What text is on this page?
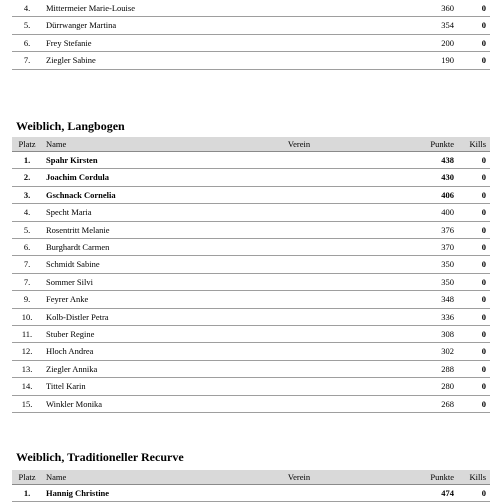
4.	Mittermeier Marie-Louise		360	0
5.	Dürrwanger Martina		354	0
6.	Frey Stefanie		200	0
7.	Ziegler Sabine		190	0
Weiblich, Langbogen
Platz	Name	Verein	Punkte	Kills
1.	Spahr Kirsten		438	0
2.	Joachim Cordula		430	0
3.	Gschnack Cornelia		406	0
4.	Specht Maria		400	0
5.	Rosentritt Melanie		376	0
6.	Burghardt Carmen		370	0
7.	Schmidt Sabine		350	0
7.	Sommer Silvi		350	0
9.	Feyrer Anke		348	0
10.	Kolb-Distler Petra		336	0
11.	Stuber Regine		308	0
12.	Hloch Andrea		302	0
13.	Ziegler Annika		288	0
14.	Tittel Karin		280	0
15.	Winkler Monika		268	0
Weiblich, Traditioneller Recurve
Platz	Name	Verein	Punkte	Kills
1.	Hannig Christine		474	0
